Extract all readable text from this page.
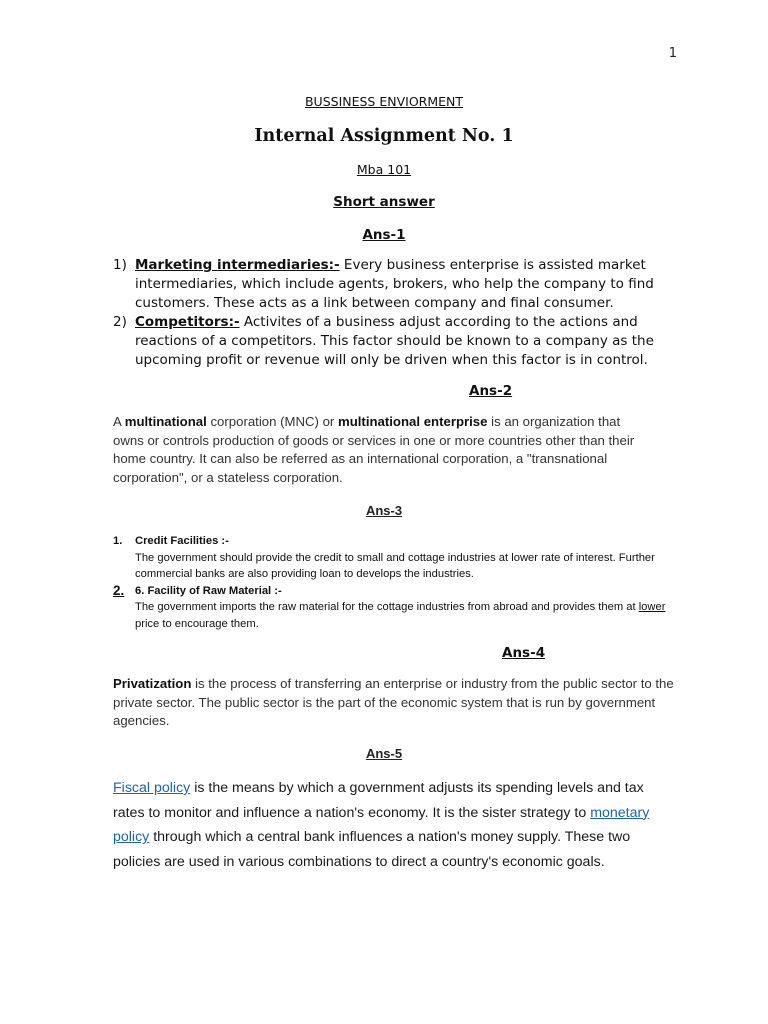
1
BUSSINESS ENVIORMENT
Internal Assignment No. 1
Mba 101
Short answer
Ans-1
1) Marketing intermediaries:- Every business enterprise is assisted market intermediaries, which include agents, brokers, who help the company to find customers. These acts as a link between company and final consumer.
2) Competitors:- Activites of a business adjust according to the actions and reactions of a competitors. This factor should be known to a company as the upcoming profit or revenue will only be driven when this factor is in control.
Ans-2
A multinational corporation (MNC) or multinational enterprise is an organization that owns or controls production of goods or services in one or more countries other than their home country. It can also be referred as an international corporation, a "transnational corporation", or a stateless corporation.
Ans-3
1.	Credit Facilities :-
The government should provide the credit to small and cottage industries at lower rate of interest. Further commercial banks are also providing loan to develops the industries.
2. 6. Facility of Raw Material :-
The government imports the raw material for the cottage industries from abroad and provides them at lower price to encourage them.
Ans-4
Privatization is the process of transferring an enterprise or industry from the public sector to the private sector. The public sector is the part of the economic system that is run by government agencies.
Ans-5
Fiscal policy is the means by which a government adjusts its spending levels and tax rates to monitor and influence a nation's economy. It is the sister strategy to monetary policy through which a central bank influences a nation's money supply. These two policies are used in various combinations to direct a country's economic goals.
